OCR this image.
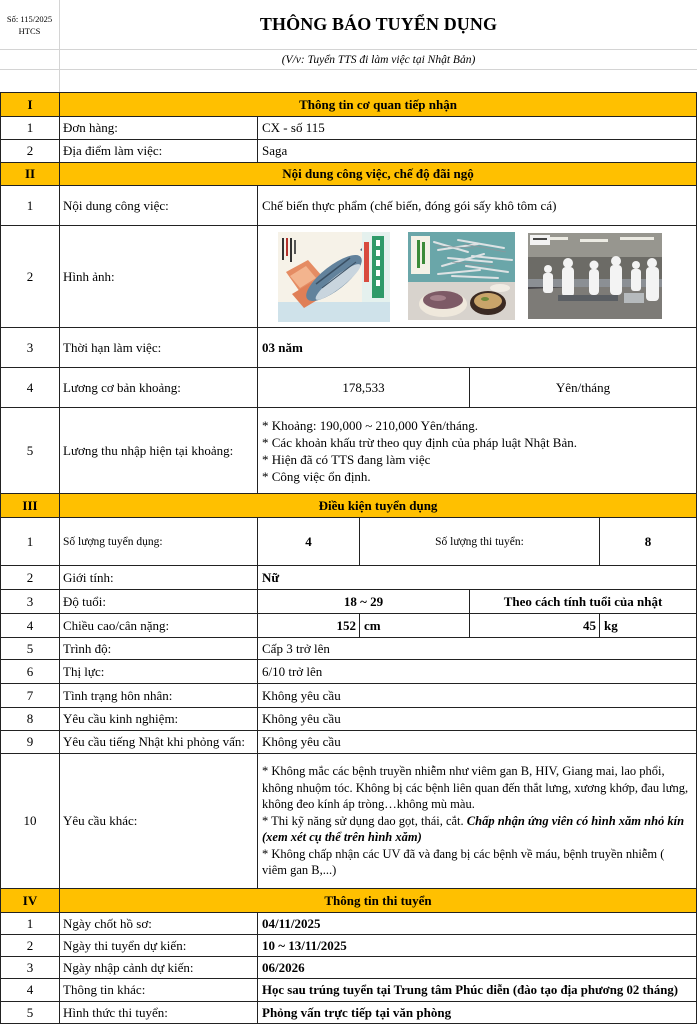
Số: 115/2025
HTCS	THÔNG BÁO TUYỂN DỤNG
(V/v: Tuyển TTS đi làm việc tại Nhật Bản)
I	Thông tin cơ quan tiếp nhận
1	Đơn hàng:	CX - số 115
2	Địa điểm làm việc:	Saga
II	Nội dung công việc, chế độ đãi ngộ
1	Nội dung công việc:	Chế biến thực phẩm (chế biến, đóng gói sấy khô tôm cá)
2	Hình ảnh:
3	Thời hạn làm việc:	03 năm
4	Lương cơ bản khoảng:	178,533	Yên/tháng
5	Lương thu nhập hiện tại khoảng:
* Khoảng: 190,000 ~ 210,000 Yên/tháng.
* Các khoản khấu trừ theo quy định của pháp luật Nhật Bản.
* Hiện đã có TTS đang làm việc
* Công việc ổn định.
III	Điều kiện tuyển dụng
1	Số lượng tuyển dụng:	4	Số lượng thi tuyển:	8
2	Giới tính:	Nữ
3	Độ tuổi:	18 ~ 29	Theo cách tính tuổi của nhật
4	Chiều cao/cân nặng:	152 cm	45 kg
5	Trình độ:	Cấp 3 trở lên
6	Thị lực:	6/10 trở lên
7	Tình trạng hôn nhân:	Không yêu cầu
8	Yêu cầu kinh nghiệm:	Không yêu cầu
9	Yêu cầu tiếng Nhật khi phỏng vấn:	Không yêu cầu
10	Yêu cầu khác:
* Không mắc các bệnh truyền nhiễm như viêm gan B, HIV, Giang mai, lao phổi, không nhuộm tóc. Không bị các bệnh liên quan đến thắt lưng, xương khớp, đau lưng, không đeo kính áp tròng…không mù màu.
* Thi kỹ năng sử dụng dao gọt, thái, cắt. Chấp nhận ứng viên có hình xăm nhỏ kín (xem xét cụ thể trên hình xăm)
* Không chấp nhận các UV đã và đang bị các bệnh về máu, bệnh truyền nhiễm ( viêm gan B,...)
IV	Thông tin thi tuyển
1	Ngày chốt hồ sơ:	04/11/2025
2	Ngày thi tuyển dự kiến:	10 ~ 13/11/2025
3	Ngày nhập cảnh dự kiến:	06/2026
4	Thông tin khác:	Học sau trúng tuyển tại Trung tâm Phúc diễn (đào tạo địa phương 02 tháng)
5	Hình thức thi tuyển:	Phỏng vấn trực tiếp tại văn phòng
